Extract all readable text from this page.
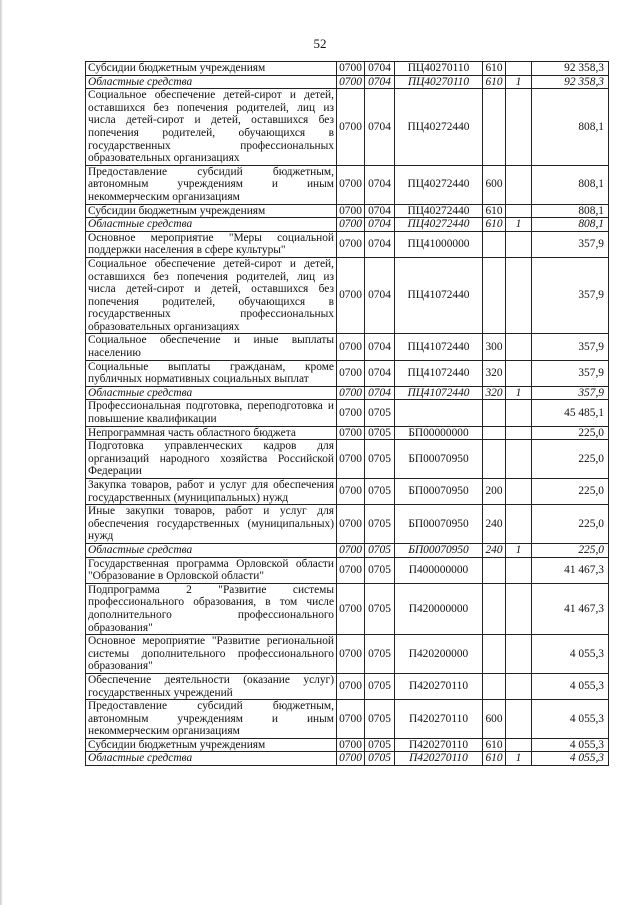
52
Субсидии бюджетным учреждениям	0700	0704	ПЦ40270110	610		92 358,3
Областные средства	0700	0704	ПЦ40270110	610	1	92 358,3
Социальное обеспечение детей-сирот и детей, оставшихся без попечения родителей, лиц из числа детей-сирот и детей, оставшихся без попечения родителей, обучающихся в государственных профессиональных образовательных организациях	0700	0704	ПЦ40272440			808,1
Предоставление субсидий бюджетным, автономным учреждениям и иным некоммерческим организациям	0700	0704	ПЦ40272440	600		808,1
Субсидии бюджетным учреждениям	0700	0704	ПЦ40272440	610		808,1
Областные средства	0700	0704	ПЦ40272440	610	1	808,1
Основное мероприятие "Меры социальной поддержки населения в сфере культуры"	0700	0704	ПЦ41000000			357,9
Социальное обеспечение детей-сирот и детей, оставшихся без попечения родителей, лиц из числа детей-сирот и детей, оставшихся без попечения родителей, обучающихся в государственных профессиональных образовательных организациях	0700	0704	ПЦ41072440			357,9
Социальное обеспечение и иные выплаты населению	0700	0704	ПЦ41072440	300		357,9
Социальные выплаты гражданам, кроме публичных нормативных социальных выплат	0700	0704	ПЦ41072440	320		357,9
Областные средства	0700	0704	ПЦ41072440	320	1	357,9
Профессиональная подготовка, переподготовка и повышение квалификации	0700	0705				45 485,1
Непрограммная часть областного бюджета	0700	0705	БП00000000			225,0
Подготовка управленческих кадров для организаций народного хозяйства Российской Федерации	0700	0705	БП00070950			225,0
Закупка товаров, работ и услуг для обеспечения государственных (муниципальных) нужд	0700	0705	БП00070950	200		225,0
Иные закупки товаров, работ и услуг для обеспечения государственных (муниципальных) нужд	0700	0705	БП00070950	240		225,0
Областные средства	0700	0705	БП00070950	240	1	225,0
Государственная программа Орловской области "Образование в Орловской области"	0700	0705	П400000000			41 467,3
Подпрограмма 2 "Развитие системы профессионального образования, в том числе дополнительного профессионального образования"	0700	0705	П420000000			41 467,3
Основное мероприятие "Развитие региональной системы дополнительного профессионального образования"	0700	0705	П420200000			4 055,3
Обеспечение деятельности (оказание услуг) государственных учреждений	0700	0705	П420270110			4 055,3
Предоставление субсидий бюджетным, автономным учреждениям и иным некоммерческим организациям	0700	0705	П420270110	600		4 055,3
Субсидии бюджетным учреждениям	0700	0705	П420270110	610		4 055,3
Областные средства	0700	0705	П420270110	610	1	4 055,3
